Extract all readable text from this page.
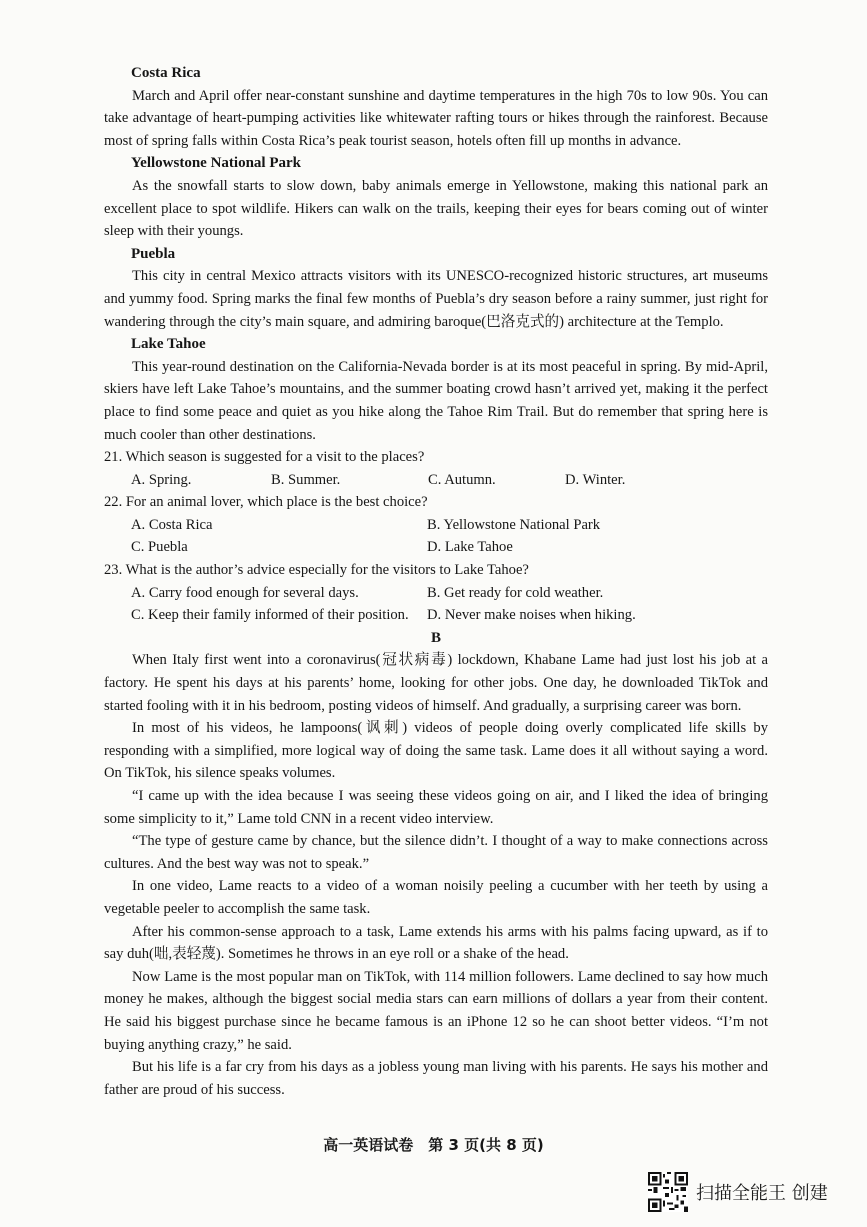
Costa Rica
March and April offer near-constant sunshine and daytime temperatures in the high 70s to low 90s. You can take advantage of heart-pumping activities like whitewater rafting tours or hikes through the rainforest. Because most of spring falls within Costa Rica’s peak tourist season, hotels often fill up months in advance.
Yellowstone National Park
As the snowfall starts to slow down, baby animals emerge in Yellowstone, making this national park an excellent place to spot wildlife. Hikers can walk on the trails, keeping their eyes for bears coming out of winter sleep with their youngs.
Puebla
This city in central Mexico attracts visitors with its UNESCO-recognized historic structures, art museums and yummy food. Spring marks the final few months of Puebla’s dry season before a rainy summer, just right for wandering through the city’s main square, and admiring baroque(巴洛克式的) architecture at the Templo.
Lake Tahoe
This year-round destination on the California-Nevada border is at its most peaceful in spring. By mid-April, skiers have left Lake Tahoe’s mountains, and the summer boating crowd hasn’t arrived yet, making it the perfect place to find some peace and quiet as you hike along the Tahoe Rim Trail. But do remember that spring here is much cooler than other destinations.
21. Which season is suggested for a visit to the places?
A. Spring.	B. Summer.	C. Autumn.	D. Winter.
22. For an animal lover, which place is the best choice?
A. Costa Rica	B. Yellowstone National Park
C. Puebla	D. Lake Tahoe
23. What is the author’s advice especially for the visitors to Lake Tahoe?
A. Carry food enough for several days.	B. Get ready for cold weather.
C. Keep their family informed of their position.	D. Never make noises when hiking.
B
When Italy first went into a coronavirus(冠状病毒) lockdown, Khabane Lame had just lost his job at a factory. He spent his days at his parents’ home, looking for other jobs. One day, he downloaded TikTok and started fooling with it in his bedroom, posting videos of himself. And gradually, a surprising career was born.
In most of his videos, he lampoons(讽刺) videos of people doing overly complicated life skills by responding with a simplified, more logical way of doing the same task. Lame does it all without saying a word. On TikTok, his silence speaks volumes.
“I came up with the idea because I was seeing these videos going on air, and I liked the idea of bringing some simplicity to it,” Lame told CNN in a recent video interview.
“The type of gesture came by chance, but the silence didn’t. I thought of a way to make connections across cultures. And the best way was not to speak.”
In one video, Lame reacts to a video of a woman noisily peeling a cucumber with her teeth by using a vegetable peeler to accomplish the same task.
After his common-sense approach to a task, Lame extends his arms with his palms facing upward, as if to say duh(咄,表轻蔑). Sometimes he throws in an eye roll or a shake of the head.
Now Lame is the most popular man on TikTok, with 114 million followers. Lame declined to say how much money he makes, although the biggest social media stars can earn millions of dollars a year from their content. He said his biggest purchase since he became famous is an iPhone 12 so he can shoot better videos. “I’m not buying anything crazy,” he said.
But his life is a far cry from his days as a jobless young man living with his parents. He says his mother and father are proud of his success.
高一英语试卷　第 3 页(共 8 页)
扫描全能王 创建
